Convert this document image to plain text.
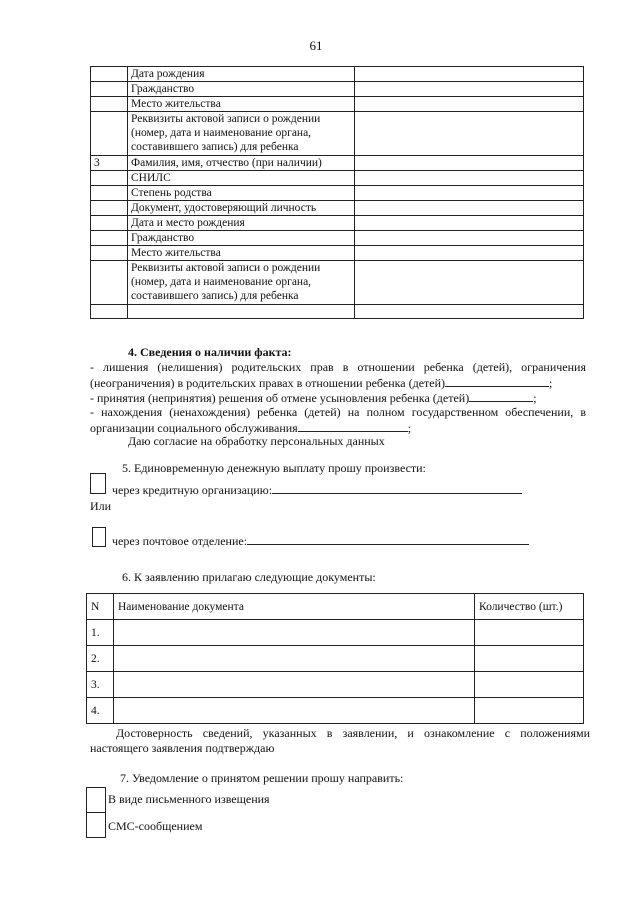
61
	Дата рождения	
	Гражданство	
	Место жительства	
	Реквизиты актовой записи о рождении (номер, дата и наименование органа, составившего запись) для ребенка	
3	Фамилия, имя, отчество (при наличии)	
	СНИЛС	
	Степень родства	
	Документ, удостоверяющий личность	
	Дата и место рождения	
	Гражданство	
	Место жительства	
	Реквизиты актовой записи о рождении (номер, дата и наименование органа, составившего запись) для ребенка	

4. Сведения о наличии факта:
- лишения (нелишения) родительских прав в отношении ребенка (детей), ограничения
(неограничения) в родительских правах в отношении ребенка (детей)	;
- принятия (непринятия) решения об отмене усыновления ребенка (детей)	;
- нахождения (ненахождения) ребенка (детей) на полном государственном обеспечении, в
организации социального обслуживания	;
Даю согласие на обработку персональных данных
5. Единовременную денежную выплату прошу произвести:
через кредитную организацию:
Или
через почтовое отделение:
6. К заявлению прилагаю следующие документы:
N	Наименование документа	Количество (шт.)
1.		
2.		
3.		
4.		
Достоверность сведений, указанных в заявлении, и ознакомление с положениями
настоящего заявления подтверждаю
7. Уведомление о принятом решении прошу направить:
В виде письменного извещения
СМС-сообщением
